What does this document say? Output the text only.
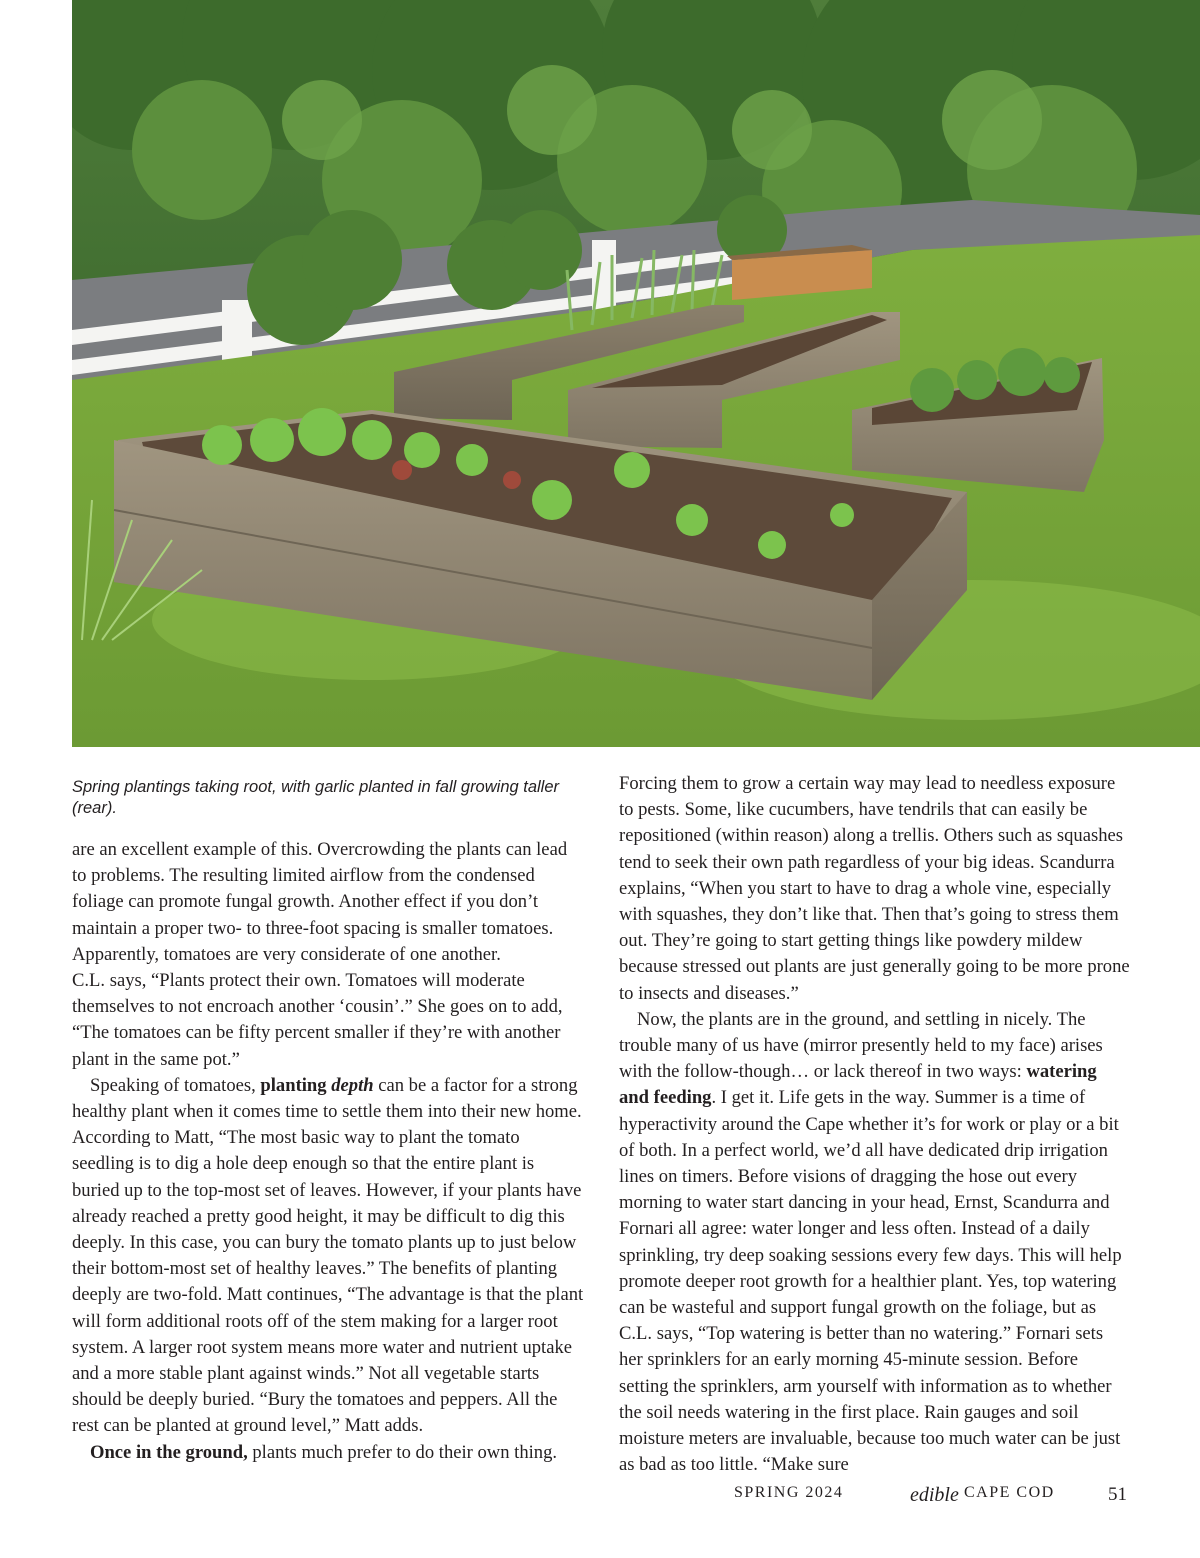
Spring plantings taking root, with garlic planted in fall growing taller (rear).

are an excellent example of this. Overcrowding the plants can lead to problems. The resulting limited airflow from the condensed foliage can promote fungal growth. Another effect if you don’t maintain a proper two- to three-foot spacing is smaller tomatoes. Apparently, tomatoes are very considerate of one another.

C.L. says, “Plants protect their own. Tomatoes will moderate themselves to not encroach another ‘cousin’.” She goes on to add, “The tomatoes can be fifty percent smaller if they’re with another plant in the same pot.”

Speaking of tomatoes, planting depth can be a factor for a strong healthy plant when it comes time to settle them into their new home. According to Matt, “The most basic way to plant the tomato seedling is to dig a hole deep enough so that the entire plant is buried up to the top-most set of leaves. However, if your plants have already reached a pretty good height, it may be difficult to dig this deeply. In this case, you can bury the tomato plants up to just below their bottom-most set of healthy leaves.” The benefits of planting deeply are two-fold. Matt continues, “The advantage is that the plant will form additional roots off of the stem making for a larger root system. A larger root system means more water and nutrient uptake and a more stable plant against winds.” Not all vegetable starts should be deeply buried. “Bury the tomatoes and peppers. All the rest can be planted at ground level,” Matt adds.

Once in the ground, plants much prefer to do their own thing.

Forcing them to grow a certain way may lead to needless exposure to pests. Some, like cucumbers, have tendrils that can easily be repositioned (within reason) along a trellis. Others such as squashes tend to seek their own path regardless of your big ideas. Scandurra explains, “When you start to have to drag a whole vine, especially with squashes, they don’t like that. Then that’s going to stress them out. They’re going to start getting things like powdery mildew because stressed out plants are just generally going to be more prone to insects and diseases.”

Now, the plants are in the ground, and settling in nicely. The trouble many of us have (mirror presently held to my face) arises with the follow-though… or lack thereof in two ways: watering and feeding. I get it. Life gets in the way. Summer is a time of hyperactivity around the Cape whether it’s for work or play or a bit of both. In a perfect world, we’d all have dedicated drip irrigation lines on timers. Before visions of dragging the hose out every morning to water start dancing in your head, Ernst, Scandurra and Fornari all agree: water longer and less often. Instead of a daily sprinkling, try deep soaking sessions every few days. This will help promote deeper root growth for a healthier plant. Yes, top watering can be wasteful and support fungal growth on the foliage, but as C.L. says, “Top watering is better than no watering.” Fornari sets her sprinklers for an early morning 45-minute session. Before setting the sprinklers, arm yourself with information as to whether the soil needs watering in the first place. Rain gauges and soil moisture meters are invaluable, because too much water can be just as bad as too little. “Make sure

SPRING 2024	edible CAPE COD	51
